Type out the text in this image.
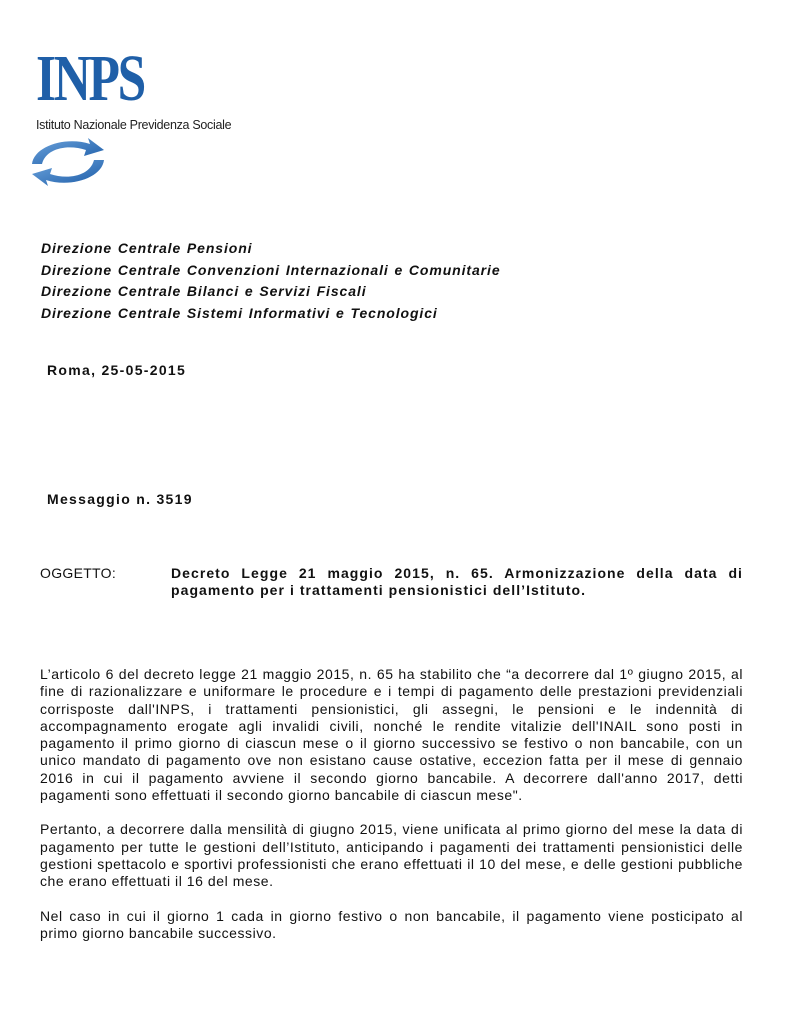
INPS
Istituto Nazionale Previdenza Sociale
Direzione Centrale Pensioni
Direzione Centrale Convenzioni Internazionali e Comunitarie
Direzione Centrale Bilanci e Servizi Fiscali
Direzione Centrale Sistemi Informativi e Tecnologici
Roma, 25-05-2015
Messaggio n. 3519
OGGETTO:	Decreto Legge 21 maggio 2015, n. 65. Armonizzazione della data di pagamento per i trattamenti pensionistici dell’Istituto.

L’articolo 6 del decreto legge 21 maggio 2015, n. 65 ha stabilito che “a decorrere dal 1º giugno 2015, al fine di razionalizzare e uniformare le procedure e i tempi di pagamento delle prestazioni previdenziali corrisposte dall'INPS, i trattamenti pensionistici, gli assegni, le pensioni e le indennità di accompagnamento erogate agli invalidi civili, nonché le rendite vitalizie dell'INAIL sono posti in pagamento il primo giorno di ciascun mese o il giorno successivo se festivo o non bancabile, con un unico mandato di pagamento ove non esistano cause ostative, eccezion fatta per il mese di gennaio 2016 in cui il pagamento avviene il secondo giorno bancabile. A decorrere dall'anno 2017, detti pagamenti sono effettuati il secondo giorno bancabile di ciascun mese".

Pertanto, a decorrere dalla mensilità di giugno 2015, viene unificata al primo giorno del mese la data di pagamento per tutte le gestioni dell’Istituto, anticipando i pagamenti dei trattamenti pensionistici delle gestioni spettacolo e sportivi professionisti che erano effettuati il 10 del mese, e delle gestioni pubbliche che erano effettuati il 16 del mese.

Nel caso in cui il giorno 1 cada in giorno festivo o non bancabile, il pagamento viene posticipato al primo giorno bancabile successivo.
